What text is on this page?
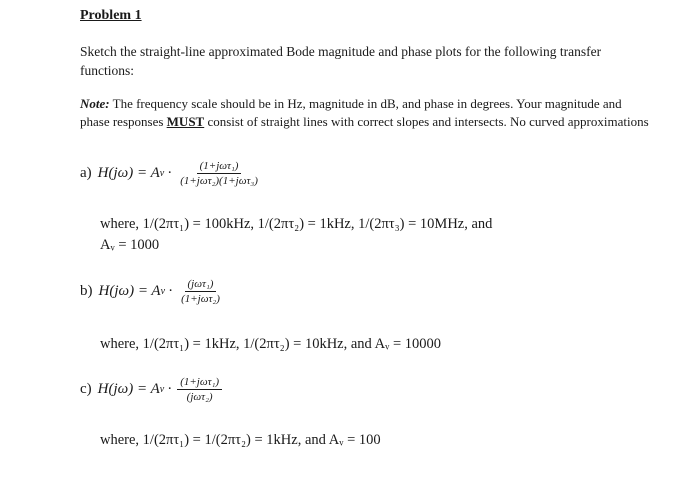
Problem 1
Sketch the straight-line approximated Bode magnitude and phase plots for the following transfer functions:
Note: The frequency scale should be in Hz, magnitude in dB, and phase in degrees. Your magnitude and phase responses MUST consist of straight lines with correct slopes and intersects. No curved approximations
a) H(jω) = A $v \cdot \frac{\text{(1+jωτ₁)}}{\text{(1+jωτ₂)(1+jωτ₃)}}$
where, 1/(2πτ₁) = 100kHz, 1/(2πτ₂) = 1kHz, 1/(2πτ₃) = 10MHz, and
Aᵥ = 1000
b) H(jω) = A $v \cdot \frac{\text{(jωτ₁)}}{\text{(1+jωτ₂)}}$
where, 1/(2πτ₁) = 1kHz, 1/(2πτ₂) = 10kHz, and Aᵥ = 10000
c) H(jω) = A $v \cdot \frac{\text{(1+jωτ₁)}}{\text{(jωτ₂)}}$
where, 1/(2πτ₁) = 1/(2πτ₂) = 1kHz, and Aᵥ = 100
